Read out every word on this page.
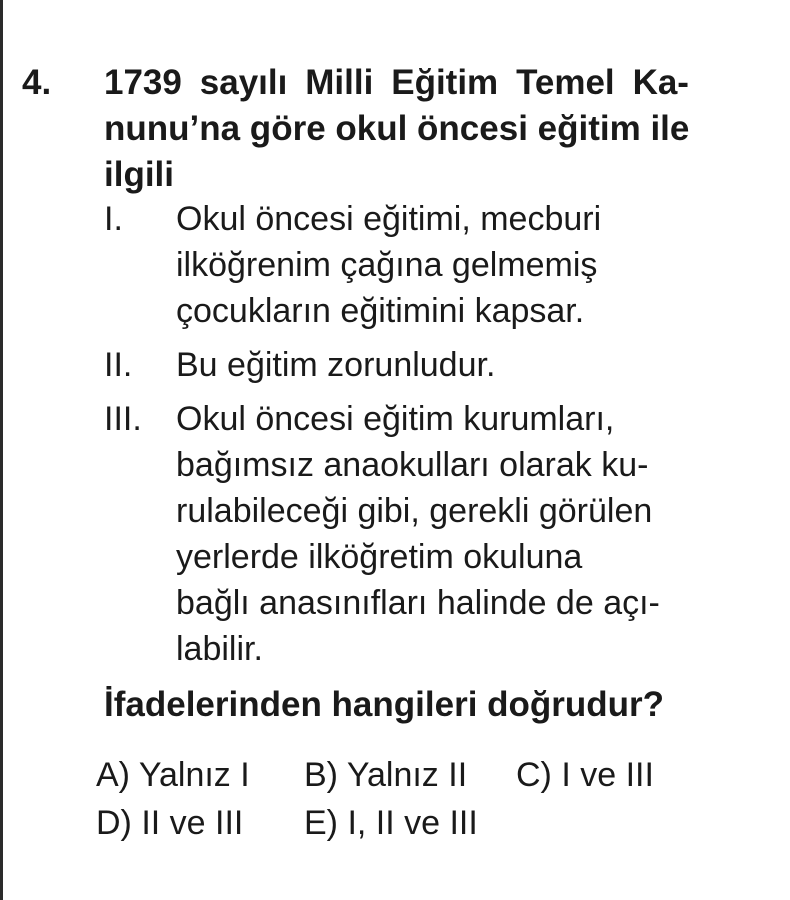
4. 1739 sayılı Milli Eğitim Temel Ka-
nunu’na göre okul öncesi eğitim ile
ilgili
I.	Okul öncesi eğitimi, mecburi
ilköğrenim çağına gelmemiş
çocukların eğitimini kapsar.
II.	Bu eğitim zorunludur.
III.	Okul öncesi eğitim kurumları,
bağımsız anaokulları olarak ku-
rulabileceği gibi, gerekli görülen
yerlerde ilköğretim okuluna
bağlı anasınıfları halinde de açı-
labilir.
İfadelerinden hangileri doğrudur?
A) Yalnız I	B) Yalnız II	C) I ve III
D) II ve III	E) I, II ve III
